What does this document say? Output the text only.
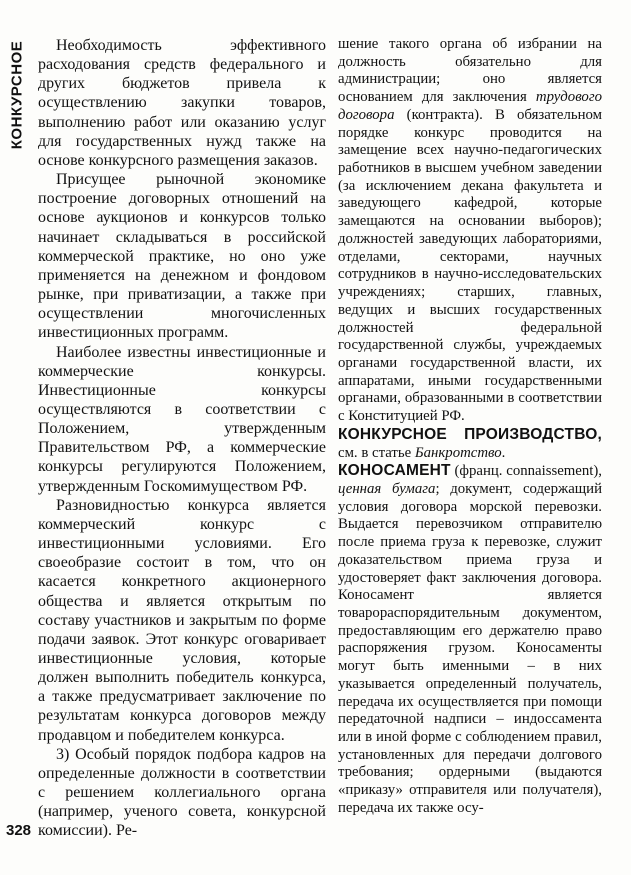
КОНКУРСНОЕ	Необходимость эффективного расходования средств федерального и других бюджетов привела к осуществлению закупки товаров, выполнению работ или оказанию услуг для государственных нужд также на основе конкурсного размещения заказов.

Присущее рыночной экономике построение договорных отношений на основе аукционов и конкурсов только начинает складываться в российской коммерческой практике, но оно уже применяется на денежном и фондовом рынке, при приватизации, а также при осуществлении многочисленных инвестиционных программ.

Наиболее известны инвестиционные и коммерческие конкурсы. Инвестиционные конкурсы осуществляются в соответствии с Положением, утвержденным Правительством РФ, а коммерческие конкурсы регулируются Положением, утвержденным Госкомимуществом РФ.

Разновидностью конкурса является коммерческий конкурс с инвестиционными условиями. Его своеобразие состоит в том, что он касается конкретного акционерного общества и является открытым по составу участников и закрытым по форме подачи заявок. Этот конкурс оговаривает инвестиционные условия, которые должен выполнить победитель конкурса, а также предусматривает заключение по результатам конкурса договоров между продавцом и победителем конкурса.

3) Особый порядок подбора кадров на определенные должности в соответствии с решением коллегиального органа (например, ученого совета, конкурсной комиссии). Ре-

шение такого органа об избрании на должность обязательно для администрации; оно является основанием для заключения трудового договора (контракта). В обязательном порядке конкурс проводится на замещение всех научно-педагогических работников в высшем учебном заведении (за исключением декана факультета и заведующего кафедрой, которые замещаются на основании выборов); должностей заведующих лабораториями, отделами, секторами, научных сотрудников в научно-исследовательских учреждениях; старших, главных, ведущих и высших государственных должностей федеральной государственной службы, учреждаемых органами государственной власти, их аппаратами, иными государственными органами, образованными в соответствии с Конституцией РФ.

КОНКУРСНОЕ ПРОИЗВОДСТВО, см. в статье Банкротство.

КОНОСАМЕНТ (франц. connaissement), ценная бумага; документ, содержащий условия договора морской перевозки. Выдается перевозчиком отправителю после приема груза к перевозке, служит доказательством приема груза и удостоверяет факт заключения договора. Коносамент является товарораспорядительным документом, предоставляющим его держателю право распоряжения грузом. Коносаменты могут быть именными – в них указывается определенный получатель, передача их осуществляется при помощи передаточной надписи – индоссамента или в иной форме с соблюдением правил, установленных для передачи долгового требования; ордерными (выдаются «приказу» отправителя или получателя), передача их также осу-

328
